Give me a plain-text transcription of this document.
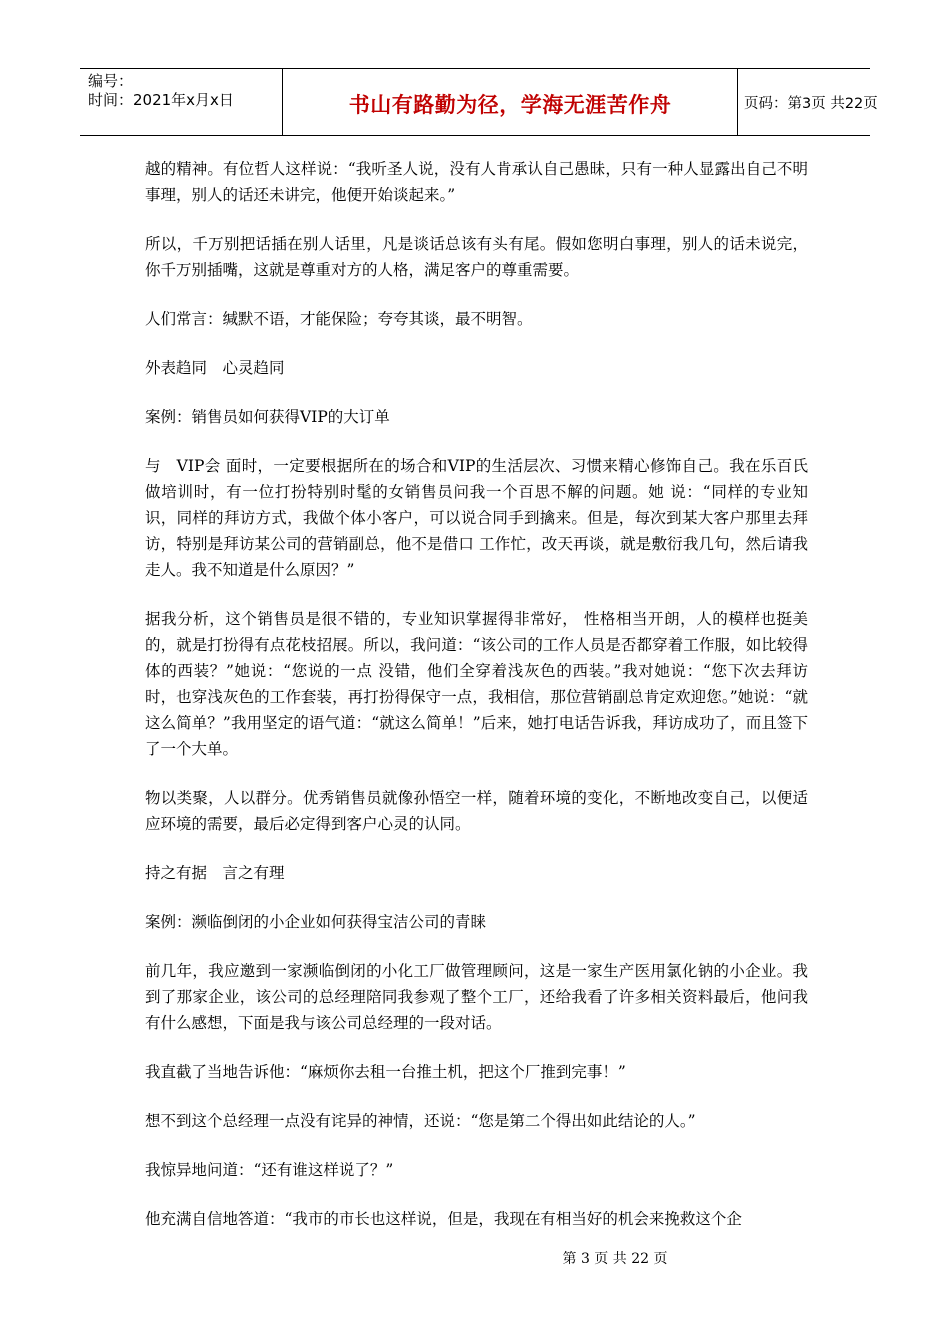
编号：
时间：2021年x月x日	书山有路勤为径，学海无涯苦作舟	页码：第3页 共22页

越的精神。有位哲人这样说：“我听圣人说，没有人肯承认自己愚昧，只有一种人显露出自己不明事理，别人的话还未讲完，他便开始谈起来。”

所以，千万别把话插在别人话里，凡是谈话总该有头有尾。假如您明白事理，别人的话未说完，你千万别插嘴，这就是尊重对方的人格，满足客户的尊重需要。

人们常言：缄默不语，才能保险；夸夸其谈，最不明智。

外表趋同　心灵趋同

案例：销售员如何获得VIP的大订单

与　VIP会 面时，一定要根据所在的场合和VIP的生活层次、习惯来精心修饰自己。我在乐百氏做培训时，有一位打扮特别时髦的女销售员问我一个百思不解的问题。她 说：“同样的专业知识，同样的拜访方式，我做个体小客户，可以说合同手到擒来。但是，每次到某大客户那里去拜访，特别是拜访某公司的营销副总，他不是借口 工作忙，改天再谈，就是敷衍我几句，然后请我走人。我不知道是什么原因？”

据我分析，这个销售员是很不错的，专业知识掌握得非常好， 性格相当开朗，人的模样也挺美的，就是打扮得有点花枝招展。所以，我问道：“该公司的工作人员是否都穿着工作服，如比较得体的西装？”她说：“您说的一点 没错，他们全穿着浅灰色的西装。”我对她说：“您下次去拜访时，也穿浅灰色的工作套装，再打扮得保守一点，我相信，那位营销副总肯定欢迎您。”她说：“就 这么简单？”我用坚定的语气道：“就这么简单！”后来，她打电话告诉我，拜访成功了，而且签下了一个大单。

物以类聚，人以群分。优秀销售员就像孙悟空一样，随着环境的变化，不断地改变自己，以便适应环境的需要，最后必定得到客户心灵的认同。

持之有据　言之有理

案例：濒临倒闭的小企业如何获得宝洁公司的青睐

前几年，我应邀到一家濒临倒闭的小化工厂做管理顾问，这是一家生产医用氯化钠的小企业。我到了那家企业，该公司的总经理陪同我参观了整个工厂，还给我看了许多相关资料最后，他问我有什么感想，下面是我与该公司总经理的一段对话。

我直截了当地告诉他：“麻烦你去租一台推土机，把这个厂推到完事！”

想不到这个总经理一点没有诧异的神情，还说：“您是第二个得出如此结论的人。”

我惊异地问道：“还有谁这样说了？”

他充满自信地答道：“我市的市长也这样说，但是，我现在有相当好的机会来挽救这个企

第 3 页 共 22 页
